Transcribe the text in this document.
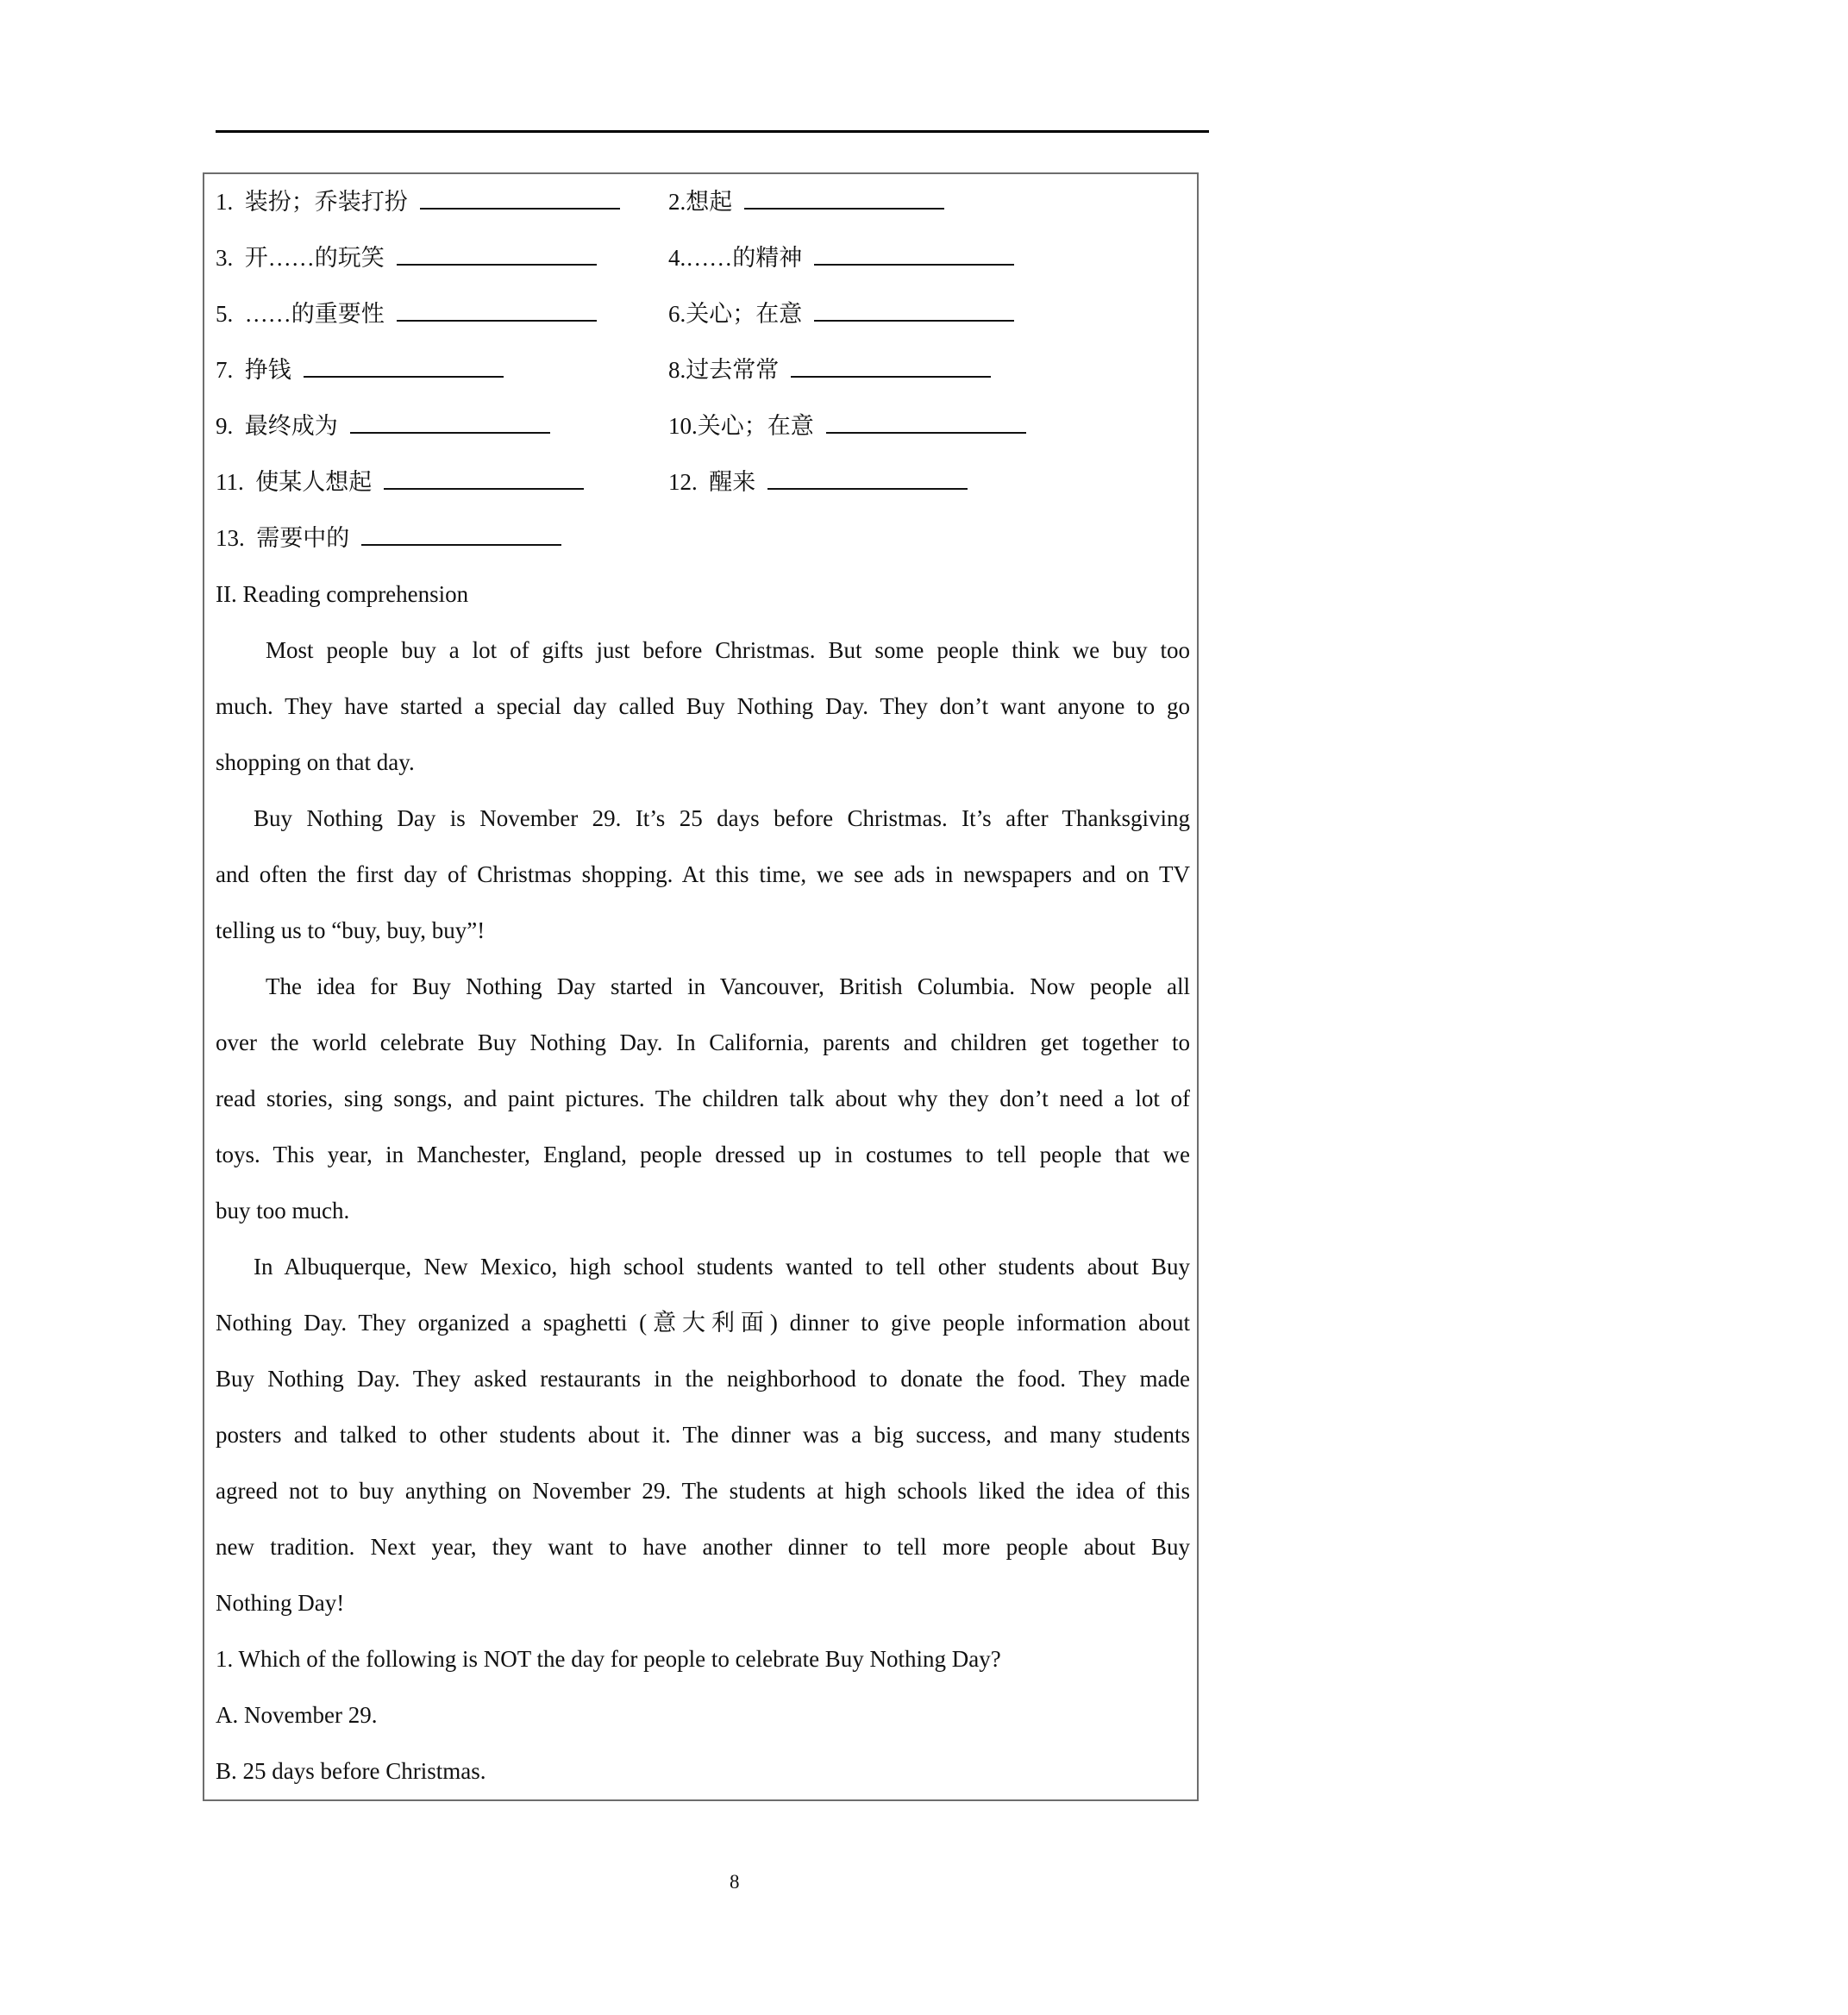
1. 装扮；乔装打扮	2.想起
3. 开……的玩笑	4.……的精神
5. ……的重要性	6.关心；在意
7. 挣钱	8.过去常常
9. 最终成为	10.关心；在意
11. 使某人想起	12. 醒来
13. 需要中的
II. Reading comprehension
Most people buy a lot of gifts just before Christmas. But some people think we buy too
much. They have started a special day called Buy Nothing Day. They don’t want anyone to go
shopping on that day.
Buy Nothing Day is November 29. It’s 25 days before Christmas. It’s after Thanksgiving
and often the first day of Christmas shopping. At this time, we see ads in newspapers and on TV
telling us to “buy, buy, buy”!
The idea for Buy Nothing Day started in Vancouver, British Columbia. Now people all
over the world celebrate Buy Nothing Day. In California, parents and children get together to
read stories, sing songs, and paint pictures. The children talk about why they don’t need a lot of
toys. This year, in Manchester, England, people dressed up in costumes to tell people that we
buy too much.
In Albuquerque, New Mexico, high school students wanted to tell other students about Buy
Nothing Day. They organized a spaghetti (意大利面) dinner to give people information about
Buy Nothing Day. They asked restaurants in the neighborhood to donate the food. They made
posters and talked to other students about it. The dinner was a big success, and many students
agreed not to buy anything on November 29. The students at high schools liked the idea of this
new tradition. Next year, they want to have another dinner to tell more people about Buy
Nothing Day!
1. Which of the following is NOT the day for people to celebrate Buy Nothing Day?
A. November 29.
B. 25 days before Christmas.
8
